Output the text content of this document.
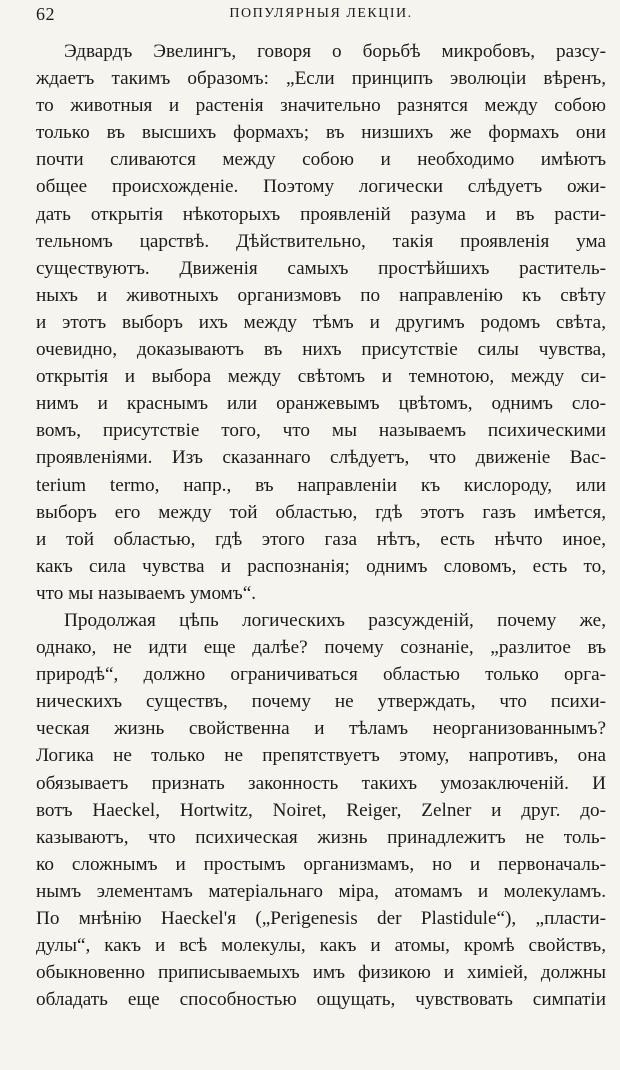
62	ПОПУЛЯРНЫЯ ЛЕКЦІИ.
Эдвардъ Эвелингъ, говоря о борьбѣ микробовъ, разсу-
ждаетъ такимъ образомъ: „Если принципъ эволюціи вѣренъ,
то животныя и растенія значительно разнятся между собою
только въ высшихъ формахъ; въ низшихъ же формахъ они
почти сливаются между собою и необходимо имѣютъ
общее происхожденіе. Поэтому логически слѣдуетъ ожи-
дать открытія нѣкоторыхъ проявленій разума и въ расти-
тельномъ царствѣ. Дѣйствительно, такія проявленія ума
существуютъ. Движенія самыхъ простѣйшихъ раститель-
ныхъ и животныхъ организмовъ по направленію къ свѣту
и этотъ выборъ ихъ между тѣмъ и другимъ родомъ свѣта,
очевидно, доказываютъ въ нихъ присутствіе силы чувства,
открытія и выбора между свѣтомъ и темнотою, между си-
нимъ и краснымъ или оранжевымъ цвѣтомъ, однимъ сло-
вомъ, присутствіе того, что мы называемъ психическими
проявленіями. Изъ сказаннаго слѣдуетъ, что движеніе Bac-
terium termo, напр., въ направленіи къ кислороду, или
выборъ его между той областью, гдѣ этотъ газъ имѣется,
и той областью, гдѣ этого газа нѣтъ, есть нѣчто иное,
какъ сила чувства и распознанія; однимъ словомъ, есть то,
что мы называемъ умомъ“.
Продолжая цѣпь логическихъ разсужденій, почему же,
однако, не идти еще далѣе? почему сознаніе, „разлитое въ
природѣ“, должно ограничиваться областью только орга-
ническихъ существъ, почему не утверждать, что психи-
ческая жизнь свойственна и тѣламъ неорганизованнымъ?
Логика не только не препятствуетъ этому, напротивъ, она
обязываетъ признать законность такихъ умозаключеній. И
вотъ Haeckel, Hortwitz, Noiret, Reiger, Zelner и друг. до-
казываютъ, что психическая жизнь принадлежитъ не толь-
ко сложнымъ и простымъ организмамъ, но и первоначаль-
нымъ элементамъ матеріальнаго міра, атомамъ и молекуламъ.
По мнѣнію Haeckel'я („Perigenesis der Plastidule“), „пласти-
дулы“, какъ и всѣ молекулы, какъ и атомы, кромѣ свойствъ,
обыкновенно приписываемыхъ имъ физикою и химіей, должны
обладать еще способностью ощущать, чувствовать симпатіи
